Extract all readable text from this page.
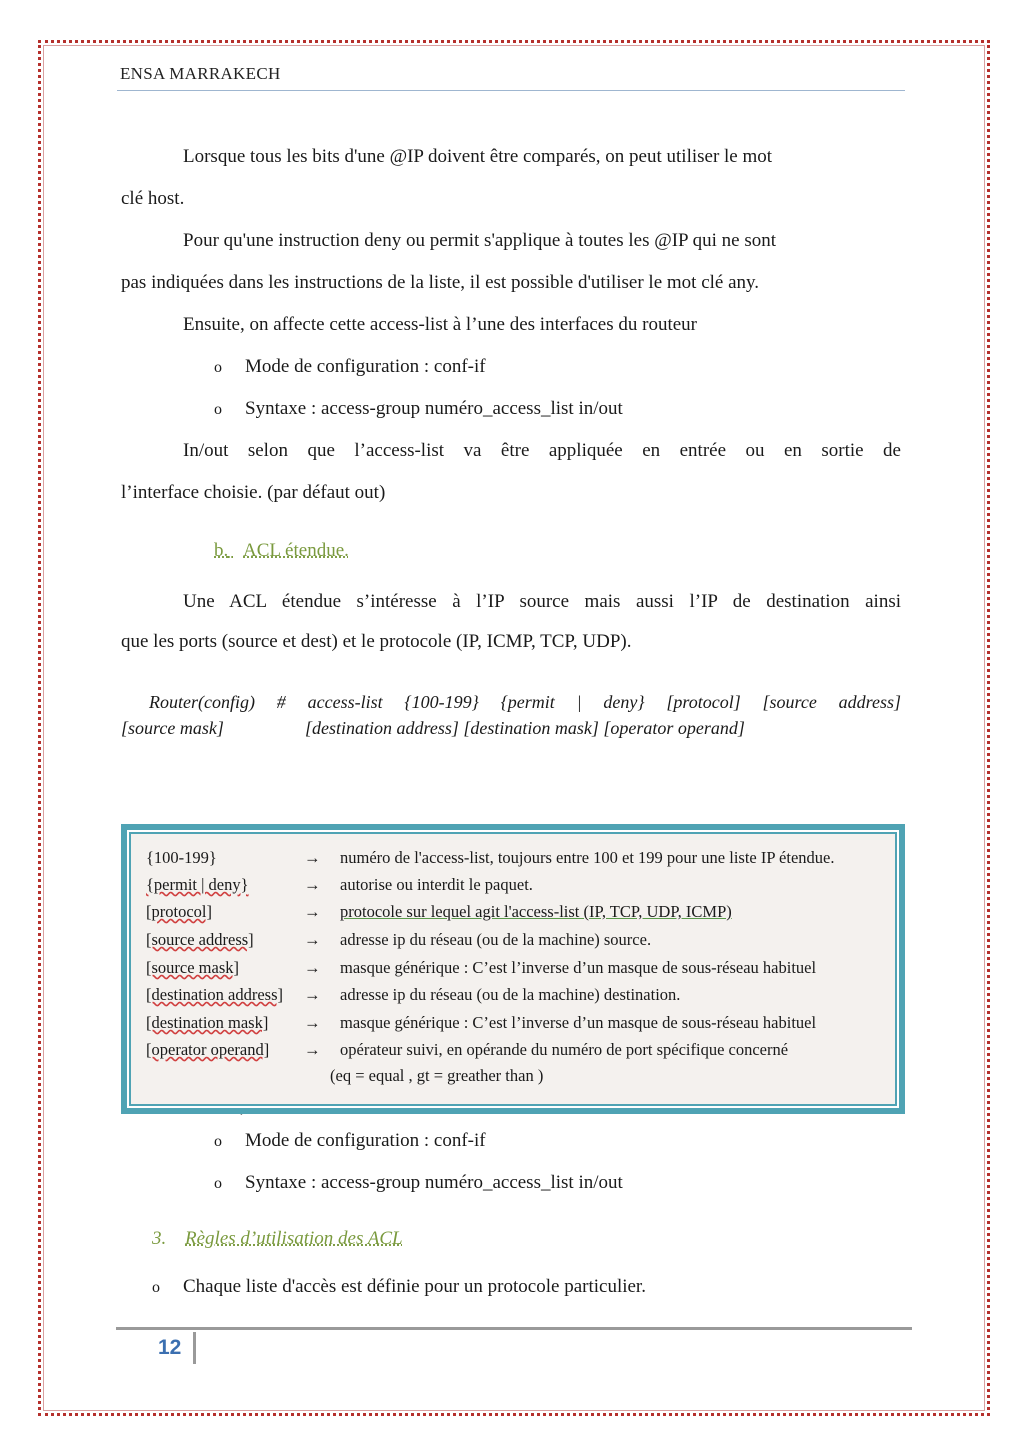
ENSA MARRAKECH
Lorsque tous les bits d'une @IP doivent être comparés, on peut utiliser le mot
clé host.
Pour qu'une instruction deny ou permit s'applique à toutes les @IP qui ne sont
pas indiquées dans les instructions de la liste, il est possible d'utiliser le mot clé any.
Ensuite, on affecte cette access-list à l’une des interfaces du routeur
o Mode de configuration : conf-if
o Syntaxe : access-group numéro_access_list in/out
In/out selon que l’access-list va être appliquée en entrée ou en sortie de
l’interface choisie. (par défaut out)
b. ACL étendue.
Une ACL étendue s’intéresse à l’IP source mais aussi l’IP de destination ainsi
que les ports (source et dest) et le protocole (IP, ICMP, TCP, UDP).
Router(config) # access-list {100-199} {permit | deny} [protocol] [source address]
[source mask]	[destination address] [destination mask] [operator operand]
{100-199}	→ numéro de l'access-list, toujours entre 100 et 199 pour une liste IP étendue.
{permit | deny}	→ autorise ou interdit le paquet.
[protocol]	→ protocole sur lequel agit l'access-list (IP, TCP, UDP, ICMP)
[source address]	→ adresse ip du réseau (ou de la machine) source.
[source mask]	→ masque générique : C’est l’inverse d’un masque de sous-réseau habituel
[destination address] → adresse ip du réseau (ou de la machine) destination.
[destination mask] → masque générique : C’est l’inverse d’un masque de sous-réseau habituel
[operator operand] → opérateur suivi, en opérande du numéro de port spécifique concerné
(eq = equal , gt = greather than )
o Mode de configuration : conf-if
o Syntaxe : access-group numéro_access_list in/out
3. Règles d’utilisation des ACL
o Chaque liste d'accès est définie pour un protocole particulier.
12
